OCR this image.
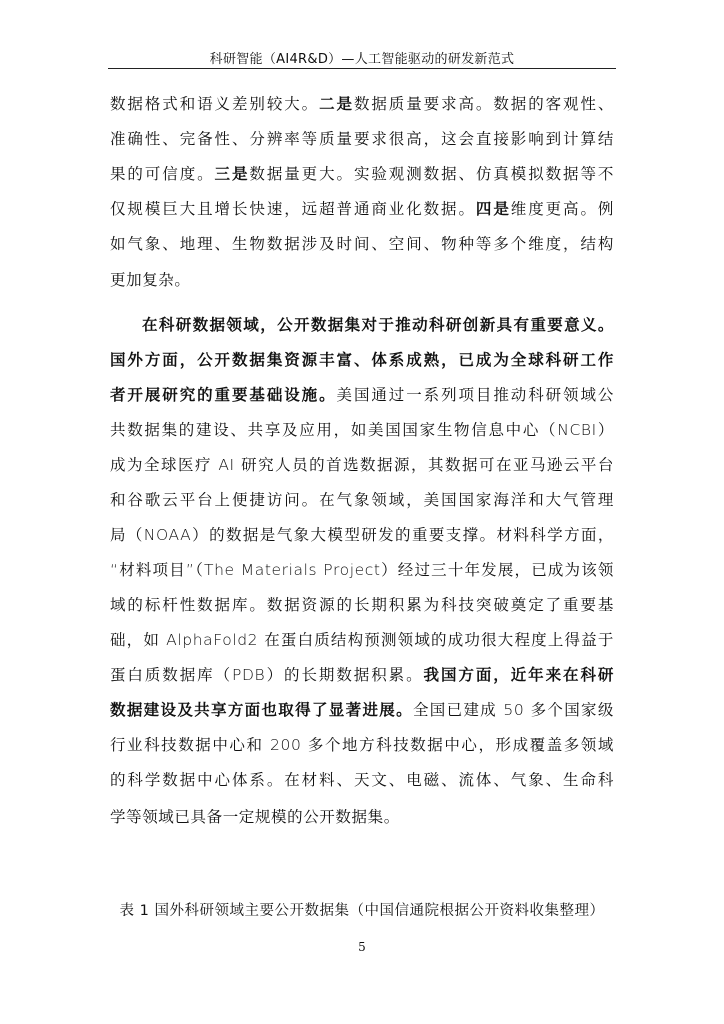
科研智能（AI4R&D）—人工智能驱动的研发新范式
数据格式和语义差别较大。二是数据质量要求高。数据的客观性、
准确性、完备性、分辨率等质量要求很高，这会直接影响到计算结
果的可信度。三是数据量更大。实验观测数据、仿真模拟数据等不
仅规模巨大且增长快速，远超普通商业化数据。四是维度更高。例
如气象、地理、生物数据涉及时间、空间、物种等多个维度，结构
更加复杂。
在科研数据领域，公开数据集对于推动科研创新具有重要意义。
国外方面，公开数据集资源丰富、体系成熟，已成为全球科研工作
者开展研究的重要基础设施。美国通过一系列项目推动科研领域公
共数据集的建设、共享及应用，如美国国家生物信息中心（NCBI）
成为全球医疗 AI 研究人员的首选数据源，其数据可在亚马逊云平台
和谷歌云平台上便捷访问。在气象领域，美国国家海洋和大气管理
局（NOAA）的数据是气象大模型研发的重要支撑。材料科学方面，
“材料项目”（The Materials Project）经过三十年发展，已成为该领
域的标杆性数据库。数据资源的长期积累为科技突破奠定了重要基
础，如 AlphaFold2 在蛋白质结构预测领域的成功很大程度上得益于
蛋白质数据库（PDB）的长期数据积累。我国方面，近年来在科研
数据建设及共享方面也取得了显著进展。全国已建成 50 多个国家级
行业科技数据中心和 200 多个地方科技数据中心，形成覆盖多领域
的科学数据中心体系。在材料、天文、电磁、流体、气象、生命科
学等领域已具备一定规模的公开数据集。
表 1 国外科研领域主要公开数据集（中国信通院根据公开资料收集整理）
5
